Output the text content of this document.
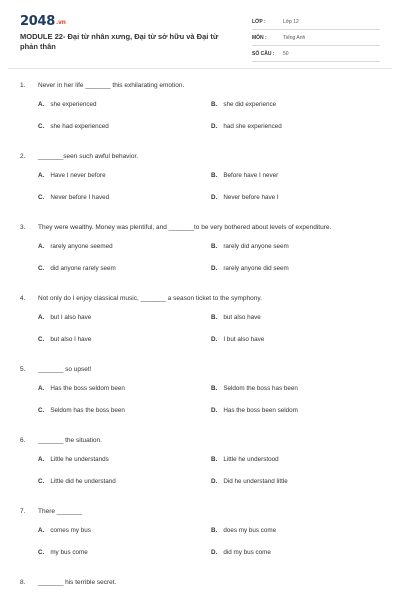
2048.vn
MODULE 22- Đại từ nhân xưng, Đại từ sở hữu và Đại từ phản thân
LỚP :	Lớp 12
MÔN :	Tiếng Anh
SỐ CÂU :	50
1. Never in her life _______ this exhilarating emotion.
A. she experienced	B. she did experience
C. she had experienced	D. had she experienced
2. _______seen such awful behavior.
A. Have I never before	B. Before have I never
C. Never before I haved	D. Never before have I
3. They were wealthy. Money was plentiful, and _______to be very bothered about levels of expenditure.
A. rarely anyone seemed	B. rarely did anyone seem
C. did anyone rarely seem	D. rarely anyone did seem
4. Not only do I enjoy classical music, _______ a season ticket to the symphony.
A. but I also have	B. but also have
C. but also I have	D. I but also have
5. _______ so upset!
A. Has the boss seldom been	B. Seldom the boss has been
C. Seldom has the boss been	D. Has the boss been seldom
6. _______ the situation.
A. Little he understands	B. Little he understood
C. Little did he understand	D. Did he understand little
7. There _______
A. comes my bus	B. does my bus come
C. my bus come	D. did my bus come
8. _______ his terrible secret.
